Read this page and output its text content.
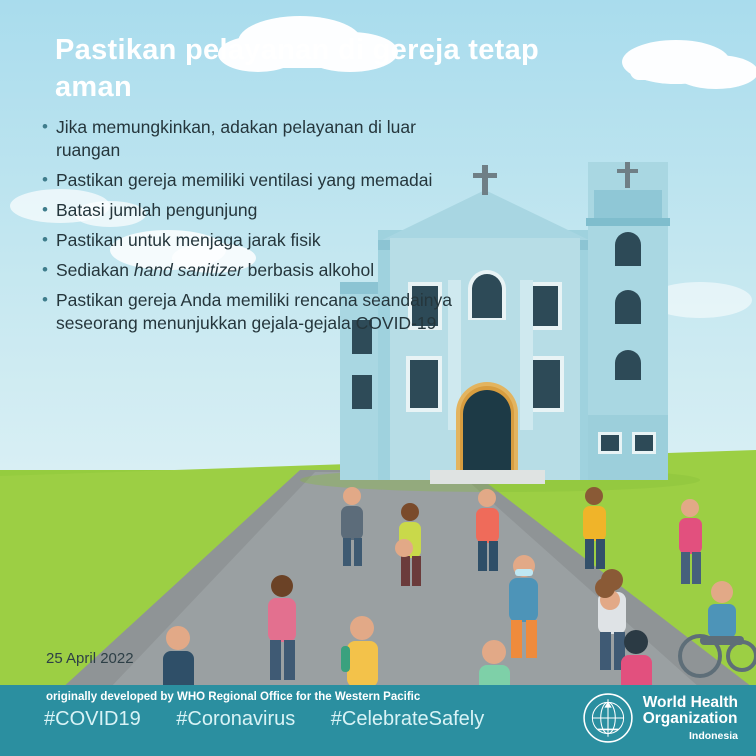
Pastikan pelayanan di gereja tetap aman
• Jika memungkinkan, adakan pelayanan di luar ruangan
• Pastikan gereja memiliki ventilasi yang memadai
• Batasi jumlah pengunjung
• Pastikan untuk menjaga jarak fisik
• Sediakan hand sanitizer berbasis alkohol
• Pastikan gereja Anda memiliki rencana seandainya seseorang menunjukkan gejala-gejala COVID-19
25 April 2022
originally developed by WHO Regional Office for the Western Pacific
#COVID19 #Coronavirus #CelebrateSafely
World Health
Organization
Indonesia
